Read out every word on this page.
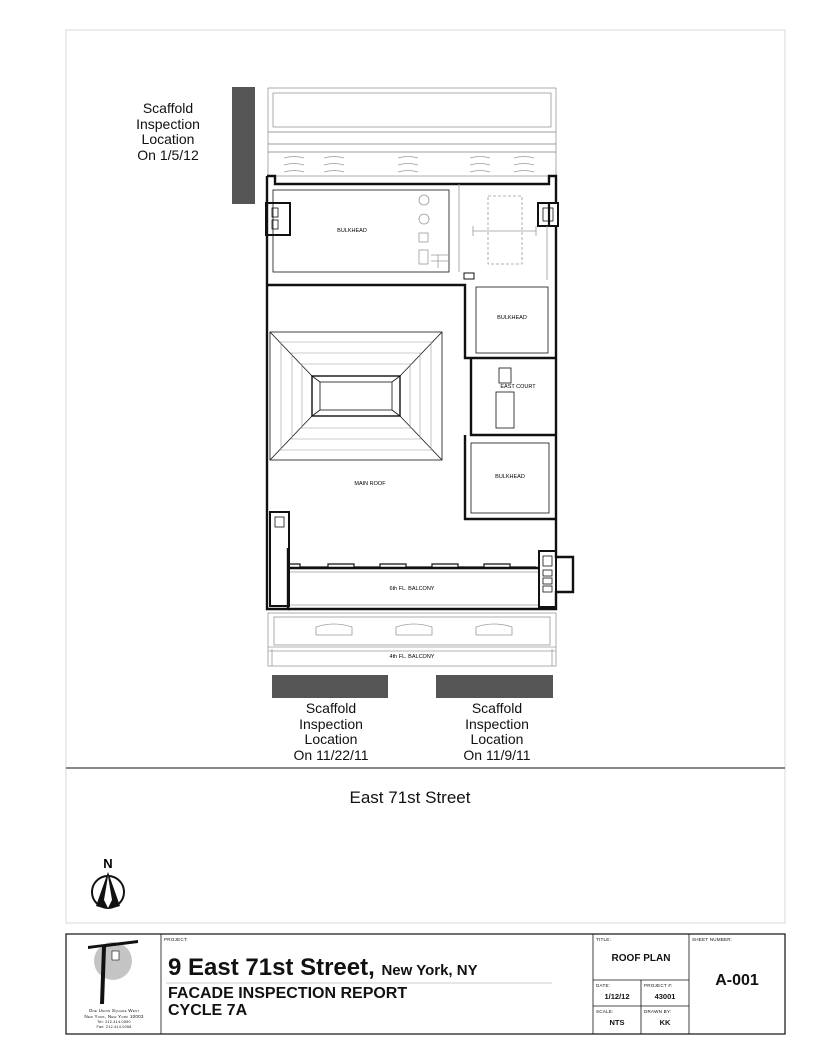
Scaffold
Inspection
Location
On 1/5/12
Scaffold
Inspection
Location
On 11/22/11
Scaffold
Inspection
Location
On 11/9/11
BULKHEAD
BULKHEAD
EAST COURT
BULKHEAD
MAIN ROOF
6th FL. BALCONY
4th FL. BALCONY
East 71st Street
N
One Union Square West
New York, New York 10003
Tel: 212.414.0050
Fax: 212.414.0058
PROJECT:
9 East 71st Street, New York, NY
FACADE INSPECTION REPORT
CYCLE 7A
TITLE:
ROOF PLAN
DATE:
1/12/12
PROJECT #:
43001
SCALE:
NTS
DRAWN BY:
KK
SHEET NUMBER:
A-001
